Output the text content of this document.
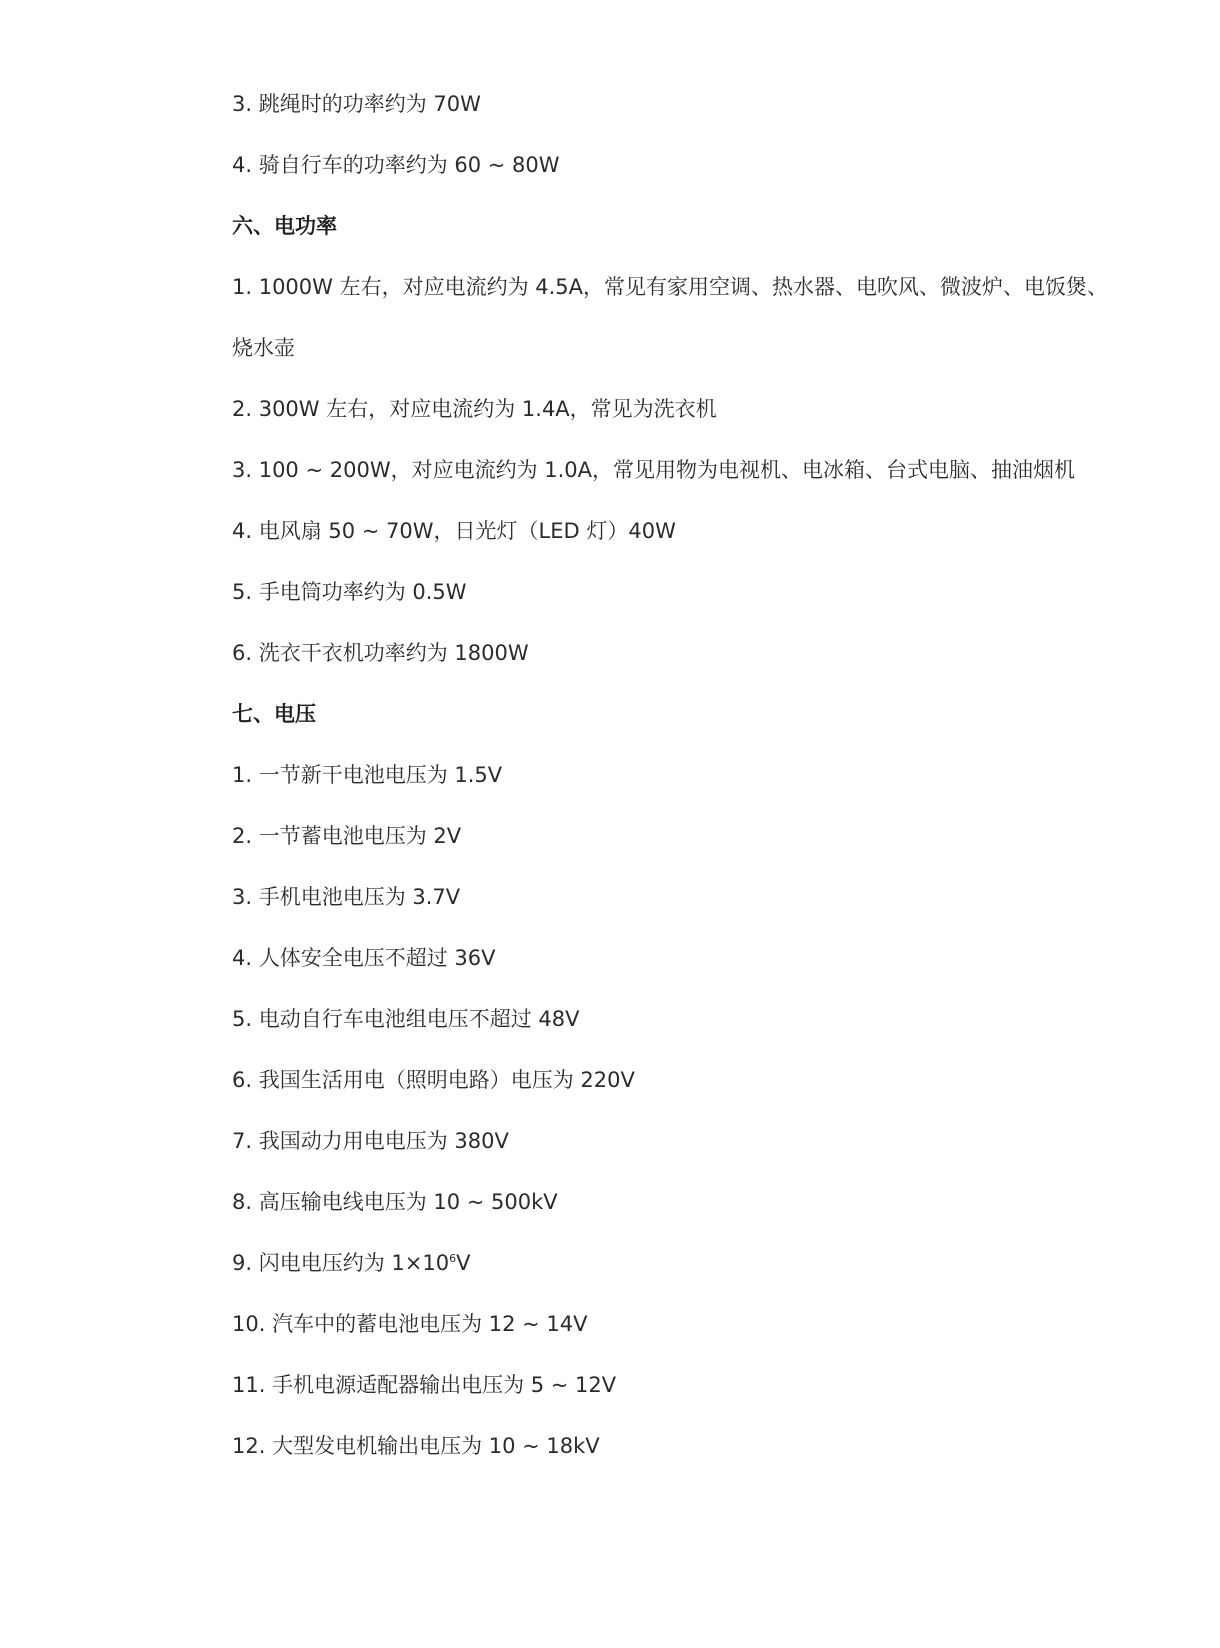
3. 跳绳时的功率约为 70W
4. 骑自行车的功率约为 60 ~ 80W
六、电功率
1. 1000W 左右，对应电流约为 4.5A，常见有家用空调、热水器、电吹风、微波炉、电饭煲、
烧水壶
2. 300W 左右，对应电流约为 1.4A，常见为洗衣机
3. 100 ~ 200W，对应电流约为 1.0A，常见用物为电视机、电冰箱、台式电脑、抽油烟机
4. 电风扇 50 ~ 70W，日光灯（LED 灯）40W
5. 手电筒功率约为 0.5W
6. 洗衣干衣机功率约为 1800W
七、电压
1. 一节新干电池电压为 1.5V
2. 一节蓄电池电压为 2V
3. 手机电池电压为 3.7V
4. 人体安全电压不超过 36V
5. 电动自行车电池组电压不超过 48V
6. 我国生活用电（照明电路）电压为 220V
7. 我国动力用电电压为 380V
8. 高压输电线电压为 10 ~ 500kV
9. 闪电电压约为 $1\times 10^6V$
10. 汽车中的蓄电池电压为 12 ~ 14V
11. 手机电源适配器输出电压为 5 ~ 12V
12. 大型发电机输出电压为 10 ~ 18kV
